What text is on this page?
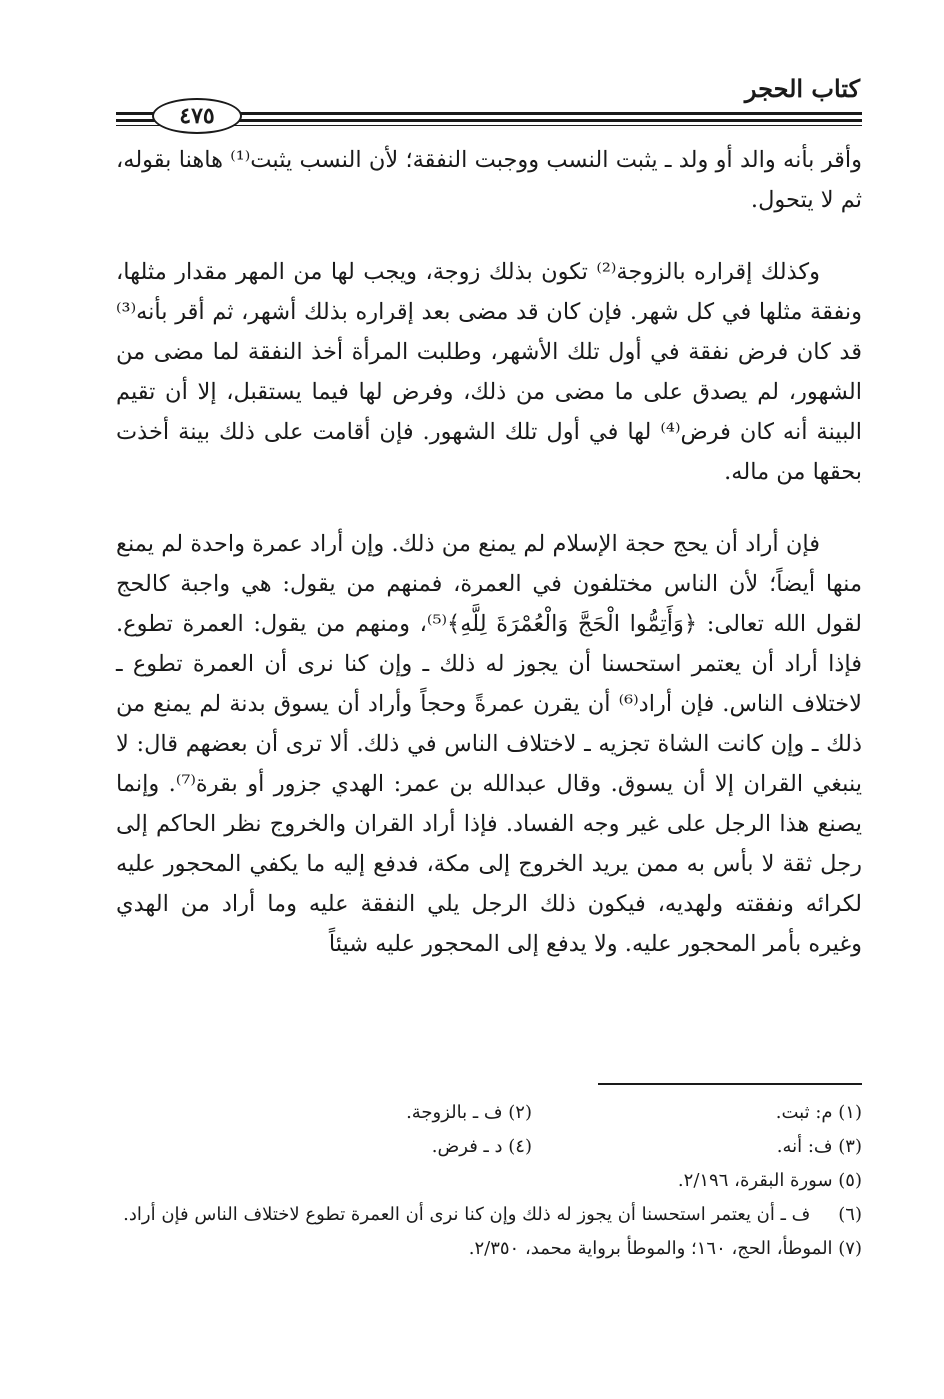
كتاب الحجر
٤٧٥

وأقر بأنه والد أو ولد ـ يثبت النسب ووجبت النفقة؛ لأن النسب يثبت⁽¹⁾ هاهنا بقوله، ثم لا يتحول.

وكذلك إقراره بالزوجة⁽²⁾ تكون بذلك زوجة، ويجب لها من المهر مقدار مثلها، ونفقة مثلها في كل شهر. فإن كان قد مضى بعد إقراره بذلك أشهر، ثم أقر بأنه⁽³⁾ قد كان فرض نفقة في أول تلك الأشهر، وطلبت المرأة أخذ النفقة لما مضى من الشهور، لم يصدق على ما مضى من ذلك، وفرض لها فيما يستقبل، إلا أن تقيم البينة أنه كان فرض⁽⁴⁾ لها في أول تلك الشهور. فإن أقامت على ذلك بينة أخذت بحقها من ماله.

فإن أراد أن يحج حجة الإسلام لم يمنع من ذلك. وإن أراد عمرة واحدة لم يمنع منها أيضاً؛ لأن الناس مختلفون في العمرة، فمنهم من يقول: هي واجبة كالحج لقول الله تعالى: ﴿وَأَتِمُّوا الْحَجَّ وَالْعُمْرَةَ لِلَّهِ﴾⁽⁵⁾، ومنهم من يقول: العمرة تطوع. فإذا أراد أن يعتمر استحسنا أن يجوز له ذلك ـ وإن كنا نرى أن العمرة تطوع ـ لاختلاف الناس. فإن أراد⁽⁶⁾ أن يقرن عمرةً وحجاً وأراد أن يسوق بدنة لم يمنع من ذلك ـ وإن كانت الشاة تجزيه ـ لاختلاف الناس في ذلك. ألا ترى أن بعضهم قال: لا ينبغي القران إلا أن يسوق. وقال عبدالله بن عمر: الهدي جزور أو بقرة⁽⁷⁾. وإنما يصنع هذا الرجل على غير وجه الفساد. فإذا أراد القران والخروج نظر الحاكم إلى رجل ثقة لا بأس به ممن يريد الخروج إلى مكة، فدفع إليه ما يكفي المحجور عليه لكرائه ونفقته ولهديه، فيكون ذلك الرجل يلي النفقة عليه وما أراد من الهدي وغيره بأمر المحجور عليه. ولا يدفع إلى المحجور عليه شيئاً

(١) م: ثبت.
(٢) ف ـ بالزوجة.
(٣) ف: أنه.
(٤) د ـ فرض.
(٥) سورة البقرة، ٢/١٩٦.
(٦) ف ـ أن يعتمر استحسنا أن يجوز له ذلك وإن كنا نرى أن العمرة تطوع لاختلاف الناس فإن أراد.
(٧) الموطأ، الحج، ١٦٠؛ والموطأ برواية محمد، ٢/٣٥٠.
